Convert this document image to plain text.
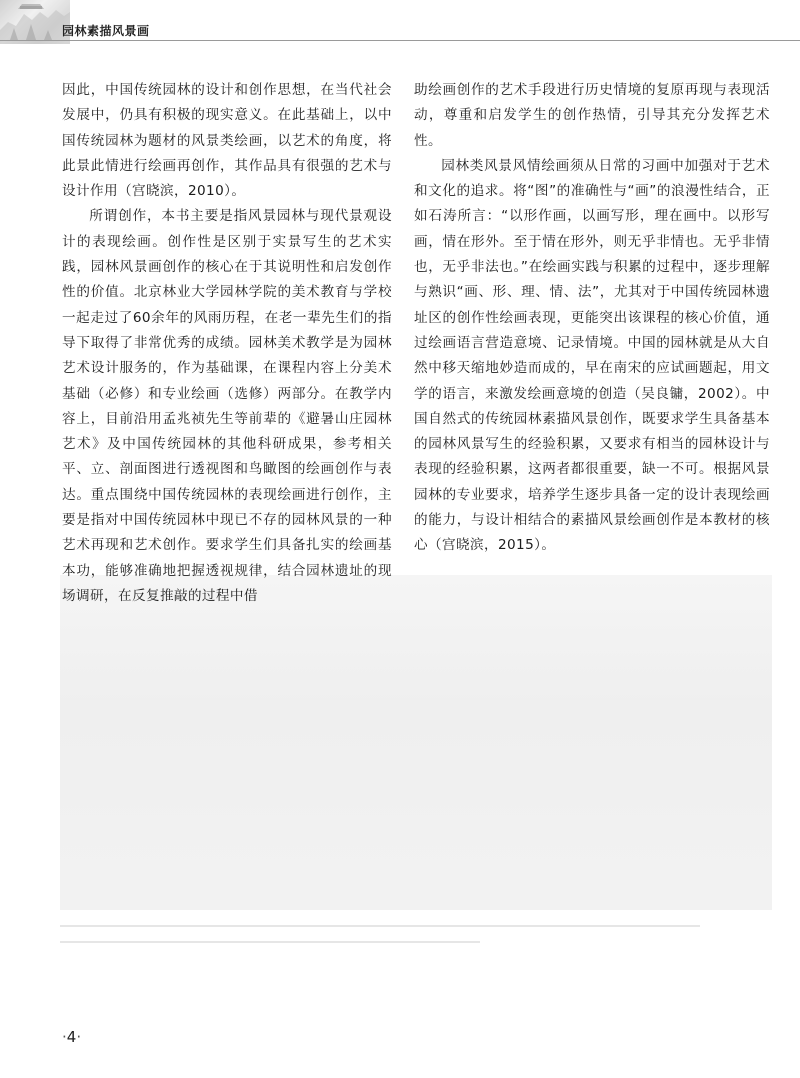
园林素描风景画

因此，中国传统园林的设计和创作思想，在当代社会发展中，仍具有积极的现实意义。在此基础上，以中国传统园林为题材的风景类绘画，以艺术的角度，将此景此情进行绘画再创作，其作品具有很强的艺术与设计作用（宫晓滨，2010）。

所谓创作，本书主要是指风景园林与现代景观设计的表现绘画。创作性是区别于实景写生的艺术实践，园林风景画创作的核心在于其说明性和启发创作性的价值。北京林业大学园林学院的美术教育与学校一起走过了60余年的风雨历程，在老一辈先生们的指导下取得了非常优秀的成绩。园林美术教学是为园林艺术设计服务的，作为基础课，在课程内容上分美术基础（必修）和专业绘画（选修）两部分。在教学内容上，目前沿用孟兆祯先生等前辈的《避暑山庄园林艺术》及中国传统园林的其他科研成果，参考相关平、立、剖面图进行透视图和鸟瞰图的绘画创作与表达。重点围绕中国传统园林的表现绘画进行创作，主要是指对中国传统园林中现已不存的园林风景的一种艺术再现和艺术创作。要求学生们具备扎实的绘画基本功，能够准确地把握透视规律，结合园林遗址的现场调研，在反复推敲的过程中借

助绘画创作的艺术手段进行历史情境的复原再现与表现活动，尊重和启发学生的创作热情，引导其充分发挥艺术性。

园林类风景风情绘画须从日常的习画中加强对于艺术和文化的追求。将“图”的准确性与“画”的浪漫性结合，正如石涛所言：“以形作画，以画写形，理在画中。以形写画，情在形外。至于情在形外，则无乎非情也。无乎非情也，无乎非法也。”在绘画实践与积累的过程中，逐步理解与熟识“画、形、理、情、法”，尤其对于中国传统园林遗址区的创作性绘画表现，更能突出该课程的核心价值，通过绘画语言营造意境、记录情境。中国的园林就是从大自然中移天缩地妙造而成的，早在南宋的应试画题起，用文学的语言，来激发绘画意境的创造（吴良镛，2002）。中国自然式的传统园林素描风景创作，既要求学生具备基本的园林风景写生的经验积累，又要求有相当的园林设计与表现的经验积累，这两者都很重要，缺一不可。根据风景园林的专业要求，培养学生逐步具备一定的设计表现绘画的能力，与设计相结合的素描风景绘画创作是本教材的核心（宫晓滨，2015）。

·4·
